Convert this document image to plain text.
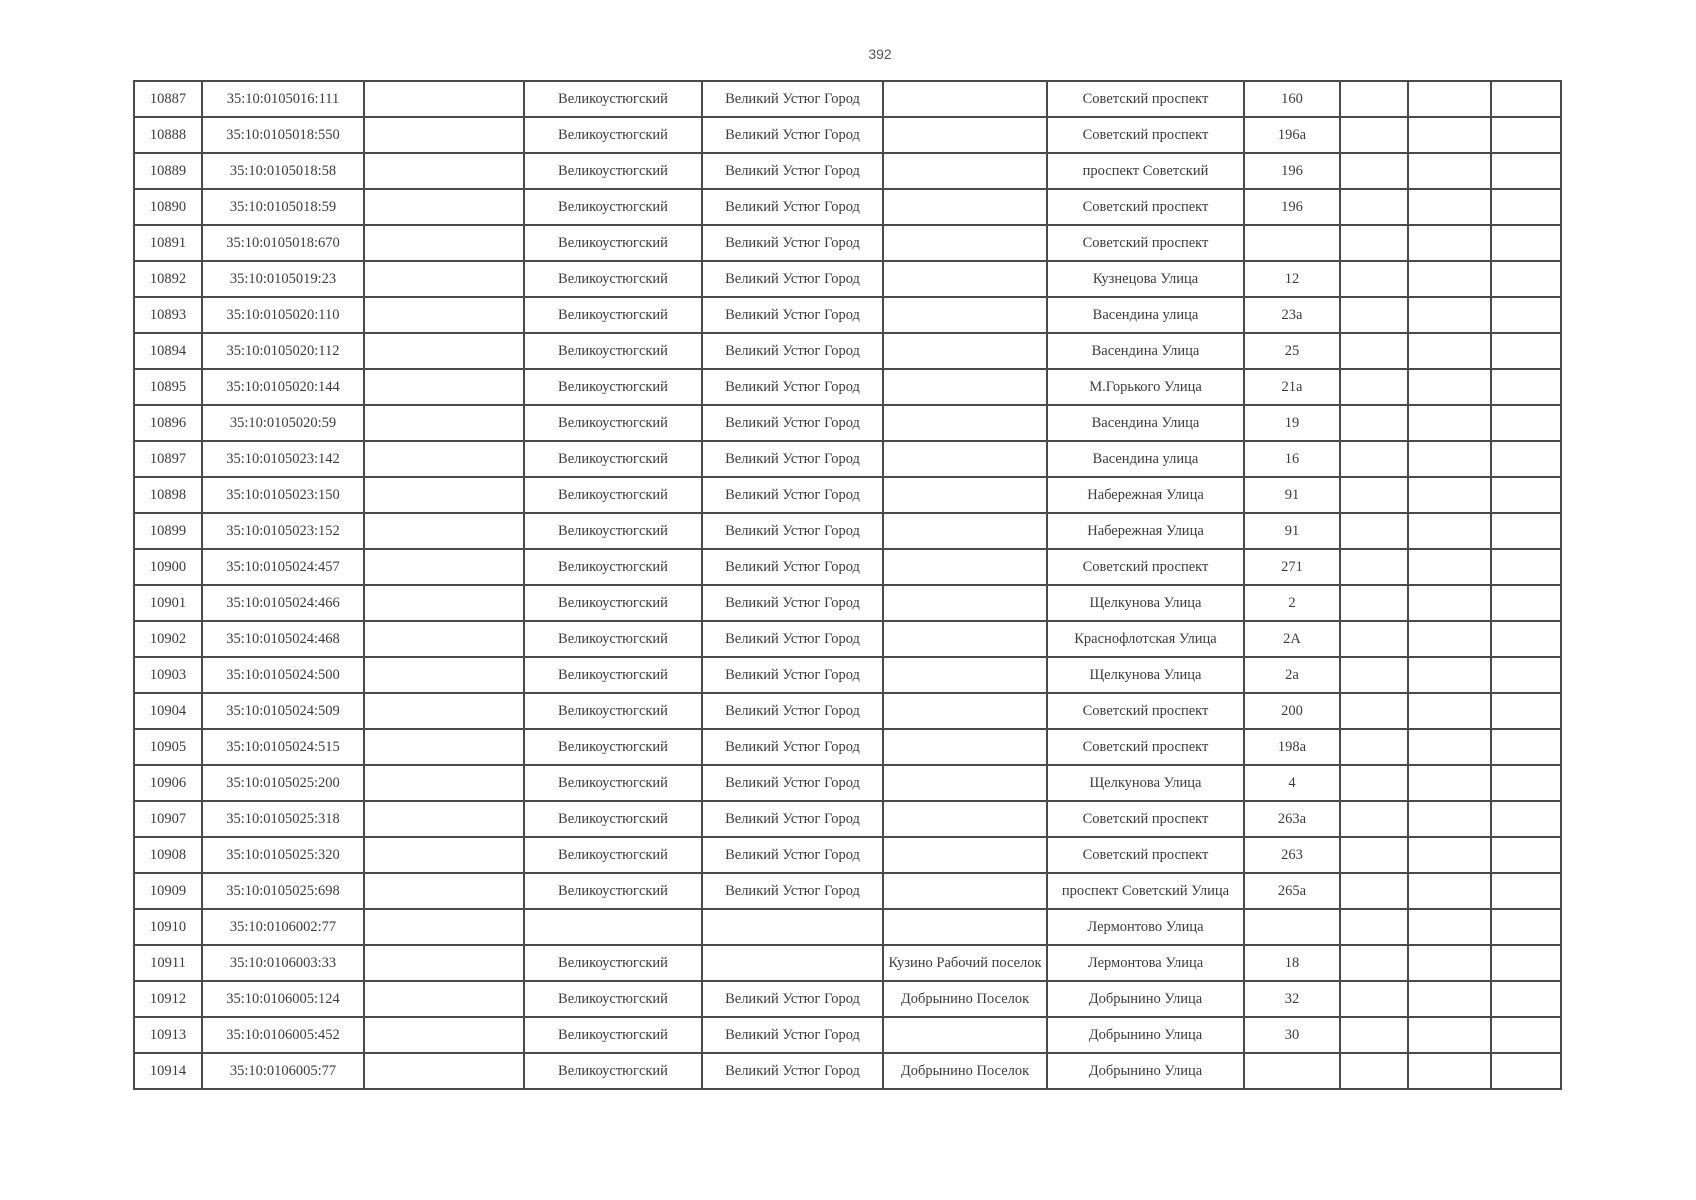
392
10887	35:10:0105016:111		Великоустюгский	Великий Устюг Город		Советский проспект	160			
10888	35:10:0105018:550		Великоустюгский	Великий Устюг Город		Советский проспект	196а			
10889	35:10:0105018:58		Великоустюгский	Великий Устюг Город		проспект Советский	196			
10890	35:10:0105018:59		Великоустюгский	Великий Устюг Город		Советский проспект	196			
10891	35:10:0105018:670		Великоустюгский	Великий Устюг Город		Советский проспект				
10892	35:10:0105019:23		Великоустюгский	Великий Устюг Город		Кузнецова Улица	12			
10893	35:10:0105020:110		Великоустюгский	Великий Устюг Город		Васендина улица	23а			
10894	35:10:0105020:112		Великоустюгский	Великий Устюг Город		Васендина Улица	25			
10895	35:10:0105020:144		Великоустюгский	Великий Устюг Город		М.Горького Улица	21а			
10896	35:10:0105020:59		Великоустюгский	Великий Устюг Город		Васендина Улица	19			
10897	35:10:0105023:142		Великоустюгский	Великий Устюг Город		Васендина улица	16			
10898	35:10:0105023:150		Великоустюгский	Великий Устюг Город		Набережная Улица	91			
10899	35:10:0105023:152		Великоустюгский	Великий Устюг Город		Набережная Улица	91			
10900	35:10:0105024:457		Великоустюгский	Великий Устюг Город		Советский проспект	271			
10901	35:10:0105024:466		Великоустюгский	Великий Устюг Город		Щелкунова Улица	2			
10902	35:10:0105024:468		Великоустюгский	Великий Устюг Город		Краснофлотская Улица	2А			
10903	35:10:0105024:500		Великоустюгский	Великий Устюг Город		Щелкунова Улица	2а			
10904	35:10:0105024:509		Великоустюгский	Великий Устюг Город		Советский проспект	200			
10905	35:10:0105024:515		Великоустюгский	Великий Устюг Город		Советский проспект	198а			
10906	35:10:0105025:200		Великоустюгский	Великий Устюг Город		Щелкунова Улица	4			
10907	35:10:0105025:318		Великоустюгский	Великий Устюг Город		Советский проспект	263а			
10908	35:10:0105025:320		Великоустюгский	Великий Устюг Город		Советский проспект	263			
10909	35:10:0105025:698		Великоустюгский	Великий Устюг Город		проспект Советский Улица	265а			
10910	35:10:0106002:77					Лермонтово Улица				
10911	35:10:0106003:33		Великоустюгский		Кузино Рабочий поселок	Лермонтова Улица	18			
10912	35:10:0106005:124		Великоустюгский	Великий Устюг Город	Добрынино Поселок	Добрынино Улица	32			
10913	35:10:0106005:452		Великоустюгский	Великий Устюг Город		Добрынино Улица	30			
10914	35:10:0106005:77		Великоустюгский	Великий Устюг Город	Добрынино Поселок	Добрынино Улица				
